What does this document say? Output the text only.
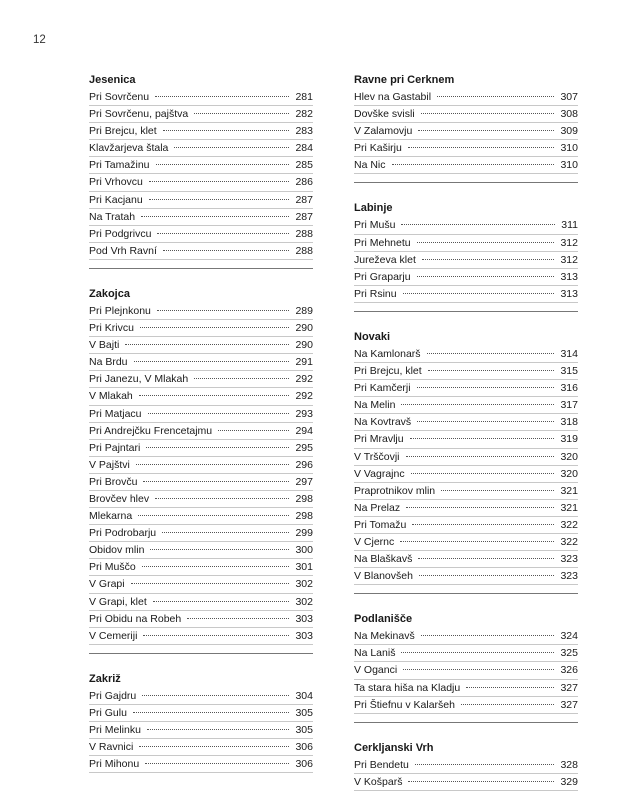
12
Jesenica
Pri Sovrčenu	281
Pri Sovrčenu, pajštva	282
Pri Brejcu, klet	283
Klavžarjeva štala	284
Pri Tamažinu	285
Pri Vrhovcu	286
Pri Kacjanu	287
Na Tratah	287
Pri Podgrivcu	288
Pod Vrh Ravní	288
Zakojca
Pri Plejnkonu	289
Pri Krivcu	290
V Bajti	290
Na Brdu	291
Pri Janezu, V Mlakah	292
V Mlakah	292
Pri Matjacu	293
Pri Andrejčku Frencetajmu	294
Pri Pajntari	295
V Pajštvi	296
Pri Brovču	297
Brovčev hlev	298
Mlekarna	298
Pri Podrobarju	299
Obidov mlin	300
Pri Muščo	301
V Grapi	302
V Grapi, klet	302
Pri Obidu na Robeh	303
V Cemeriji	303
Zakriž
Pri Gajdru	304
Pri Gulu	305
Pri Melinku	305
V Ravnici	306
Pri Mihonu	306
Ravne pri Cerknem
Hlev na Gastabil	307
Dovške svisli	308
V Zalamovju	309
Pri Kaširju	310
Na Nic	310
Labinje
Pri Mušu	311
Pri Mehnetu	312
Jureževa klet	312
Pri Graparju	313
Pri Rsinu	313
Novaki
Na Kamlonarš	314
Pri Brejcu, klet	315
Pri Kamčerji	316
Na Melin	317
Na Kovtravš	318
Pri Mravlju	319
V Trščovji	320
V Vagrajnc	320
Praprotnikov mlin	321
Na Prelaz	321
Pri Tomažu	322
V Cjernc	322
Na Blaškavš	323
V Blanovšeh	323
Podlanišče
Na Mekinavš	324
Na Laniš	325
V Oganci	326
Ta stara hiša na Kladju	327
Pri Štiefnu v Kalaršeh	327
Cerkljanski Vrh
Pri Bendetu	328
V Košparš	329
